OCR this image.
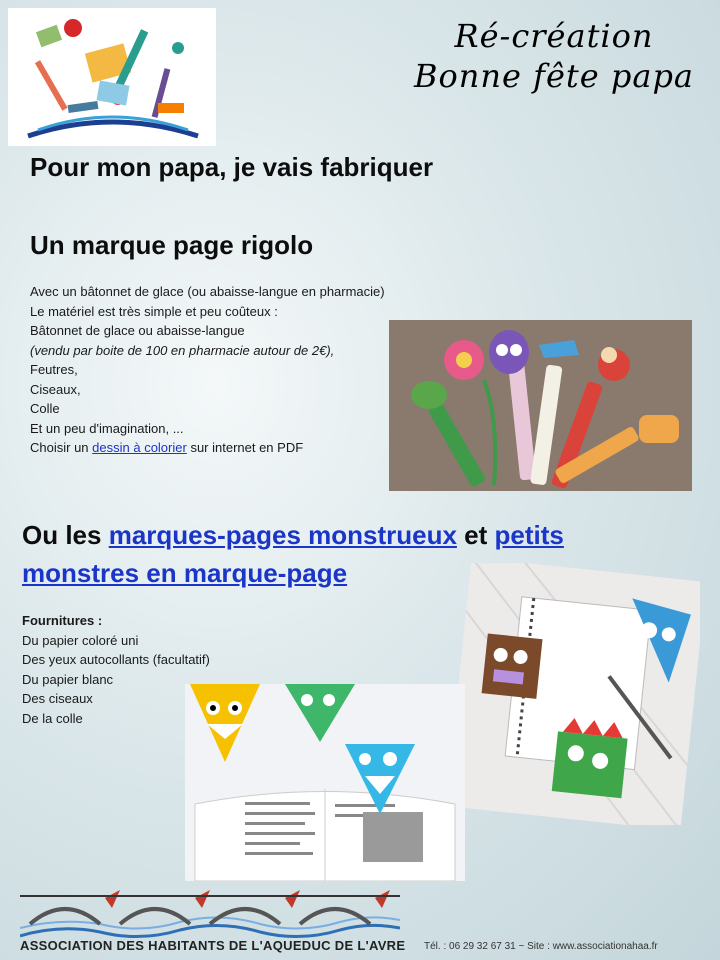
Ré-création
Bonne fête papa
Pour mon papa, je vais fabriquer
Un marque page rigolo
Avec un bâtonnet de glace (ou abaisse-langue en pharmacie)
Le matériel est très simple et peu coûteux :
Bâtonnet de glace ou abaisse-langue
(vendu par boite de 100 en pharmacie autour de 2€),
Feutres,
Ciseaux,
Colle
Et un peu d'imagination, ...
Choisir un dessin à colorier sur internet en PDF
Ou les marques-pages monstrueux et petits
monstres en marque-page
Fournitures :
Du papier coloré uni
Des yeux autocollants (facultatif)
Du papier blanc
Des ciseaux
De la colle
ASSOCIATION DES HABITANTS DE L'AQUEDUC DE L'AVRE Tél. : 06 29 32 67 31 ~ Site : www.associationahaa.fr
